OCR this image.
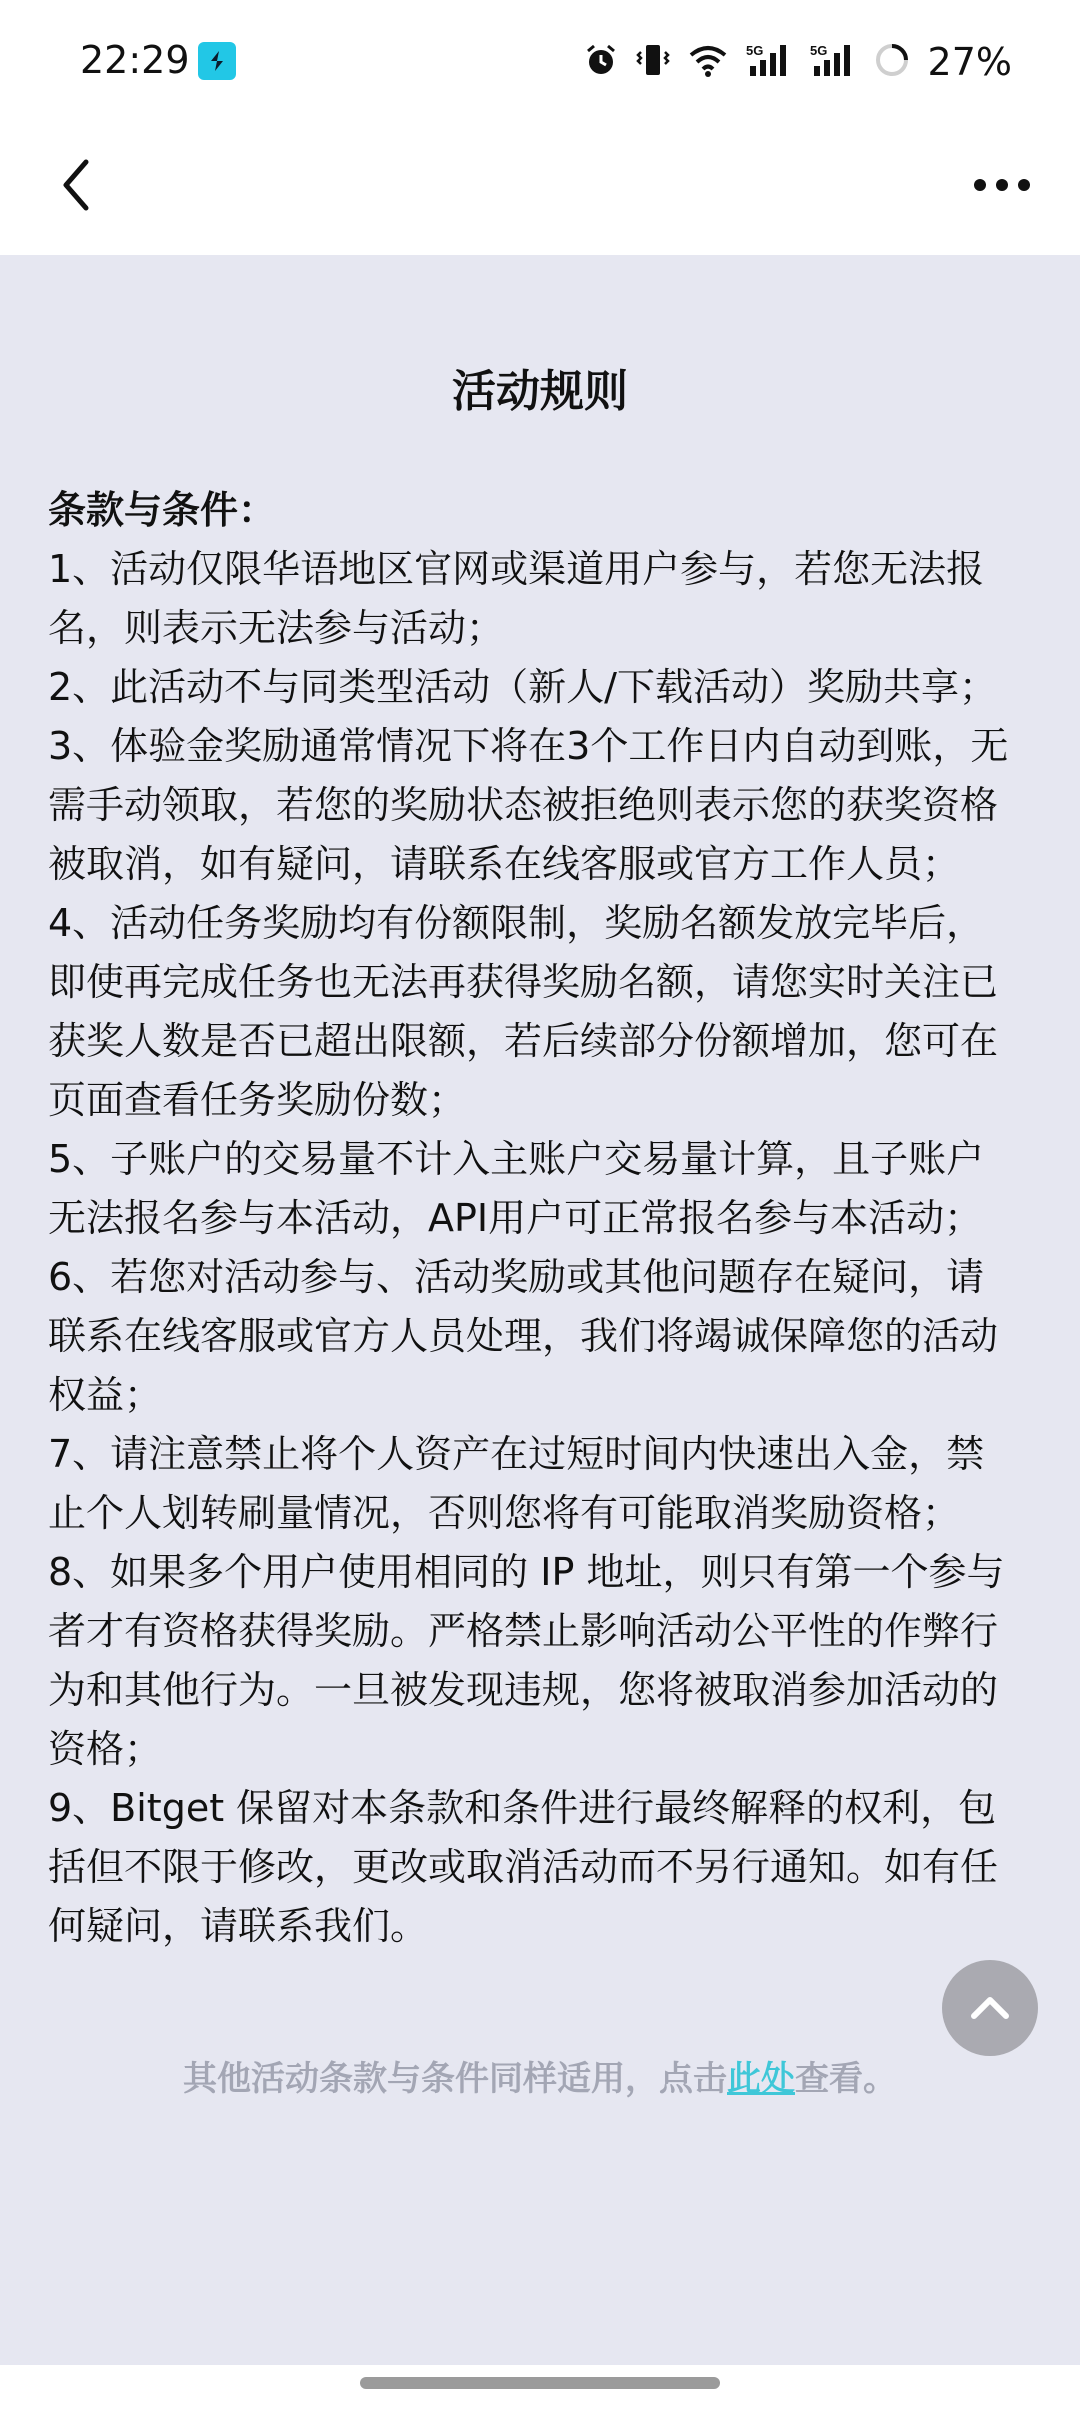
22:29	5G	5G	27%
活动规则

条款与条件：

1、活动仅限华语地区官网或渠道用户参与，若您无法报名，则表示无法参与活动；

2、此活动不与同类型活动（新人/下载活动）奖励共享；

3、体验金奖励通常情况下将在3个工作日内自动到账，无需手动领取，若您的奖励状态被拒绝则表示您的获奖资格被取消，如有疑问，请联系在线客服或官方工作人员；

4、活动任务奖励均有份额限制，奖励名额发放完毕后，即使再完成任务也无法再获得奖励名额，请您实时关注已获奖人数是否已超出限额，若后续部分份额增加，您可在页面查看任务奖励份数；

5、子账户的交易量不计入主账户交易量计算，且子账户无法报名参与本活动，API用户可正常报名参与本活动；

6、若您对活动参与、活动奖励或其他问题存在疑问，请联系在线客服或官方人员处理，我们将竭诚保障您的活动权益；

7、请注意禁止将个人资产在过短时间内快速出入金，禁止个人划转刷量情况，否则您将有可能取消奖励资格；

8、如果多个用户使用相同的 IP 地址，则只有第一个参与者才有资格获得奖励。严格禁止影响活动公平性的作弊行为和其他行为。一旦被发现违规，您将被取消参加活动的资格；

9、Bitget 保留对本条款和条件进行最终解释的权利，包括但不限于修改，更改或取消活动而不另行通知。如有任何疑问，请联系我们。

其他活动条款与条件同样适用，点击此处查看。
